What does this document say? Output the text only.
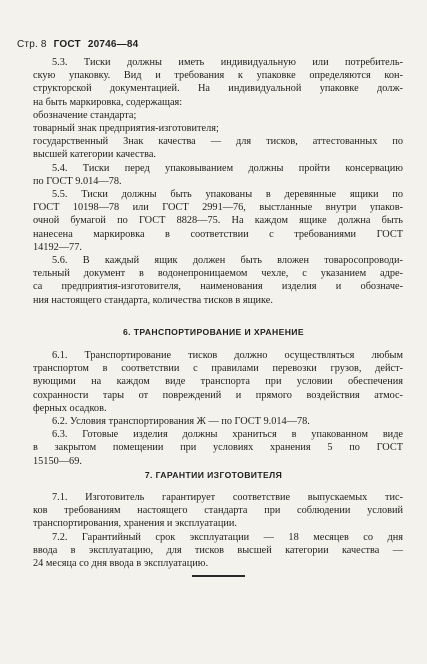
Стр. 8 ГОСТ 20746—84
5.3. Тиски должны иметь индивидуальную или потребитель-
скую упаковку. Вид и требования к упаковке определяются кон-
структорской документацией. На индивидуальной упаковке долж-
на быть маркировка, содержащая:
обозначение стандарта;
товарный знак предприятия-изготовителя;
государственный Знак качества — для тисков, аттестованных по
высшей категории качества.
5.4. Тиски перед упаковыванием должны пройти консервацию
по ГОСТ 9.014—78.
5.5. Тиски должны быть упакованы в деревянные ящики по
ГОСТ 10198—78 или ГОСТ 2991—76, выстланные внутри упаков-
очной бумагой по ГОСТ 8828—75. На каждом ящике должна быть
нанесена маркировка в соответствии с требованиями ГОСТ
14192—77.
5.6. В каждый ящик должен быть вложен товаросопроводи-
тельный документ в водонепроницаемом чехле, с указанием адре-
са предприятия-изготовителя, наименования изделия и обозначе-
ния настоящего стандарта, количества тисков в ящике.
6. ТРАНСПОРТИРОВАНИЕ И ХРАНЕНИЕ
6.1. Транспортирование тисков должно осуществляться любым
транспортом в соответствии с правилами перевозки грузов, дейст-
вующими на каждом виде транспорта при условии обеспечения
сохранности тары от повреждений и прямого воздействия атмос-
ферных осадков.
6.2. Условия транспортирования Ж — по ГОСТ 9.014—78.
6.3. Готовые изделия должны храниться в упакованном виде
в закрытом помещении при условиях хранения 5 по ГОСТ
15150—69.
7. ГАРАНТИИ ИЗГОТОВИТЕЛЯ
7.1. Изготовитель гарантирует соответствие выпускаемых тис-
ков требованиям настоящего стандарта при соблюдении условий
транспортирования, хранения и эксплуатации.
7.2. Гарантийный срок эксплуатации — 18 месяцев со дня
ввода в эксплуатацию, для тисков высшей категории качества —
24 месяца со дня ввода в эксплуатацию.
